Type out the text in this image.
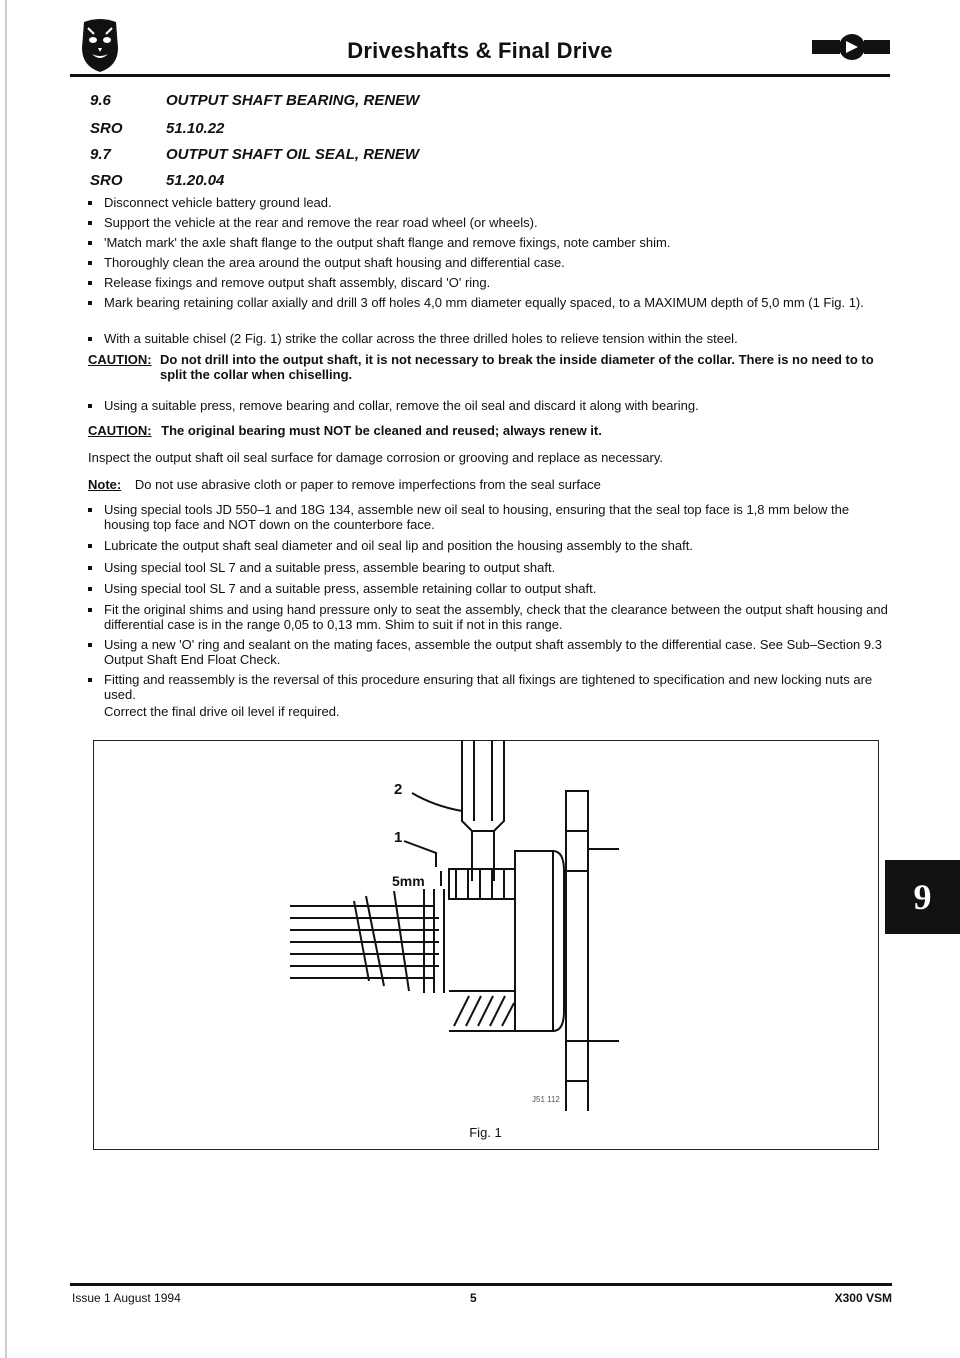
Driveshafts & Final Drive
9.6	OUTPUT SHAFT BEARING, RENEW
SRO	51.10.22
9.7	OUTPUT SHAFT OIL SEAL, RENEW
SRO	51.20.04
Disconnect vehicle battery ground lead.
Support the vehicle at the rear and remove the rear road wheel (or wheels).
'Match mark' the axle shaft flange to the output shaft flange and remove fixings, note camber shim.
Thoroughly clean the area around the output shaft housing and differential case.
Release fixings and remove output shaft assembly, discard 'O' ring.
Mark bearing retaining collar axially and drill 3 off holes 4,0 mm diameter equally spaced, to a MAXIMUM depth of 5,0 mm (1 Fig. 1).
With a suitable chisel (2 Fig. 1) strike the collar across the three drilled holes to relieve tension within the steel.
CAUTION: Do not drill into the output shaft, it is not necessary to break the inside diameter of the collar. There is no need to to split the collar when chiselling.
Using a suitable press, remove bearing and collar, remove the oil seal and discard it along with bearing.
CAUTION: The original bearing must NOT be cleaned and reused; always renew it.
Inspect the output shaft oil seal surface for damage corrosion or grooving and replace as necessary.
Note: Do not use abrasive cloth or paper to remove imperfections from the seal surface
Using special tools JD 550–1 and 18G 134, assemble new oil seal to housing, ensuring that the seal top face is 1,8 mm below the housing top face and NOT down on the counterbore face.
Lubricate the output shaft seal diameter and oil seal lip and position the housing assembly to the shaft.
Using special tool SL 7 and a suitable press, assemble bearing to output shaft.
Using special tool SL 7 and a suitable press, assemble retaining collar to output shaft.
Fit the original shims and using hand pressure only to seat the assembly, check that the clearance between the output shaft housing and differential case is in the range 0,05 to 0,13 mm. Shim to suit if not in this range.
Using a new 'O' ring and sealant on the mating faces, assemble the output shaft assembly to the differential case. See Sub–Section 9.3 Output Shaft End Float Check.
Fitting and reassembly is the reversal of this procedure ensuring that all fixings are tightened to specification and new locking nuts are used.
Correct the final drive oil level if required.
2
1
5mm
J51 112
Fig. 1
9
Issue 1 August 1994	5	X300 VSM
